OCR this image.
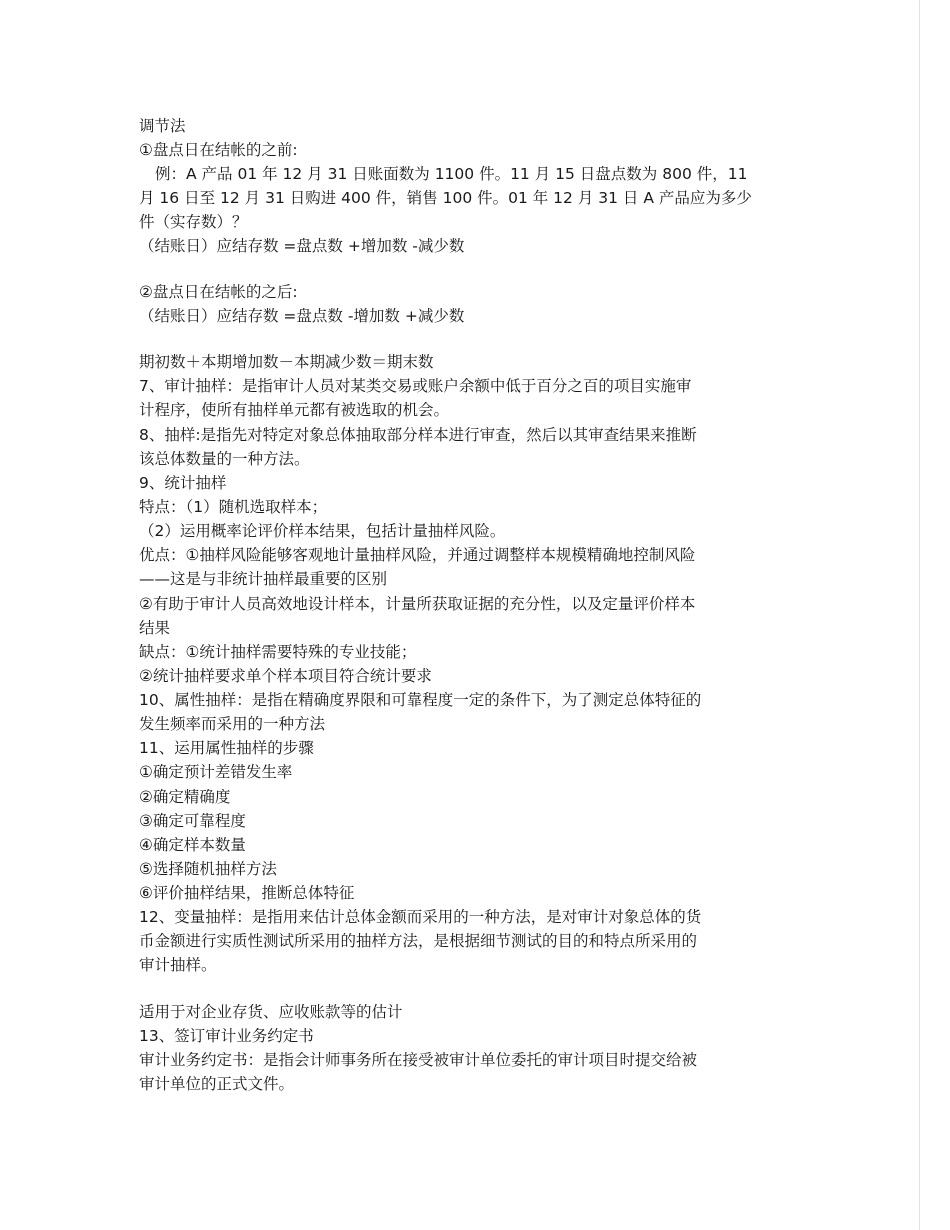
调节法

①盘点日在结帐的之前:

例：A 产品 01 年 12 月 31 日账面数为 1100 件。11 月 15 日盘点数为 800 件，11

月 16 日至 12 月 31 日购进 400 件，销售 100 件。01 年 12 月 31 日 A 产品应为多少

件（实存数）？

（结账日）应结存数 =盘点数 +增加数 -减少数

②盘点日在结帐的之后:

（结账日）应结存数 =盘点数 -增加数 +减少数

期初数＋本期增加数－本期减少数＝期末数

7、审计抽样：是指审计人员对某类交易或账户余额中低于百分之百的项目实施审

计程序，使所有抽样单元都有被选取的机会。

8、抽样:是指先对特定对象总体抽取部分样本进行审查，然后以其审查结果来推断

该总体数量的一种方法。

9、统计抽样

特点：（1）随机选取样本；

（2）运用概率论评价样本结果，包括计量抽样风险。

优点：①抽样风险能够客观地计量抽样风险，并通过调整样本规模精确地控制风险

——这是与非统计抽样最重要的区别

②有助于审计人员高效地设计样本，计量所获取证据的充分性，以及定量评价样本

结果

缺点：①统计抽样需要特殊的专业技能；

②统计抽样要求单个样本项目符合统计要求

10、属性抽样：是指在精确度界限和可靠程度一定的条件下，为了测定总体特征的

发生频率而采用的一种方法

11、运用属性抽样的步骤

①确定预计差错发生率

②确定精确度

③确定可靠程度

④确定样本数量

⑤选择随机抽样方法

⑥评价抽样结果，推断总体特征

12、变量抽样：是指用来估计总体金额而采用的一种方法，是对审计对象总体的货

币金额进行实质性测试所采用的抽样方法，是根据细节测试的目的和特点所采用的

审计抽样。

适用于对企业存货、应收账款等的估计

13、签订审计业务约定书

审计业务约定书：是指会计师事务所在接受被审计单位委托的审计项目时提交给被

审计单位的正式文件。
